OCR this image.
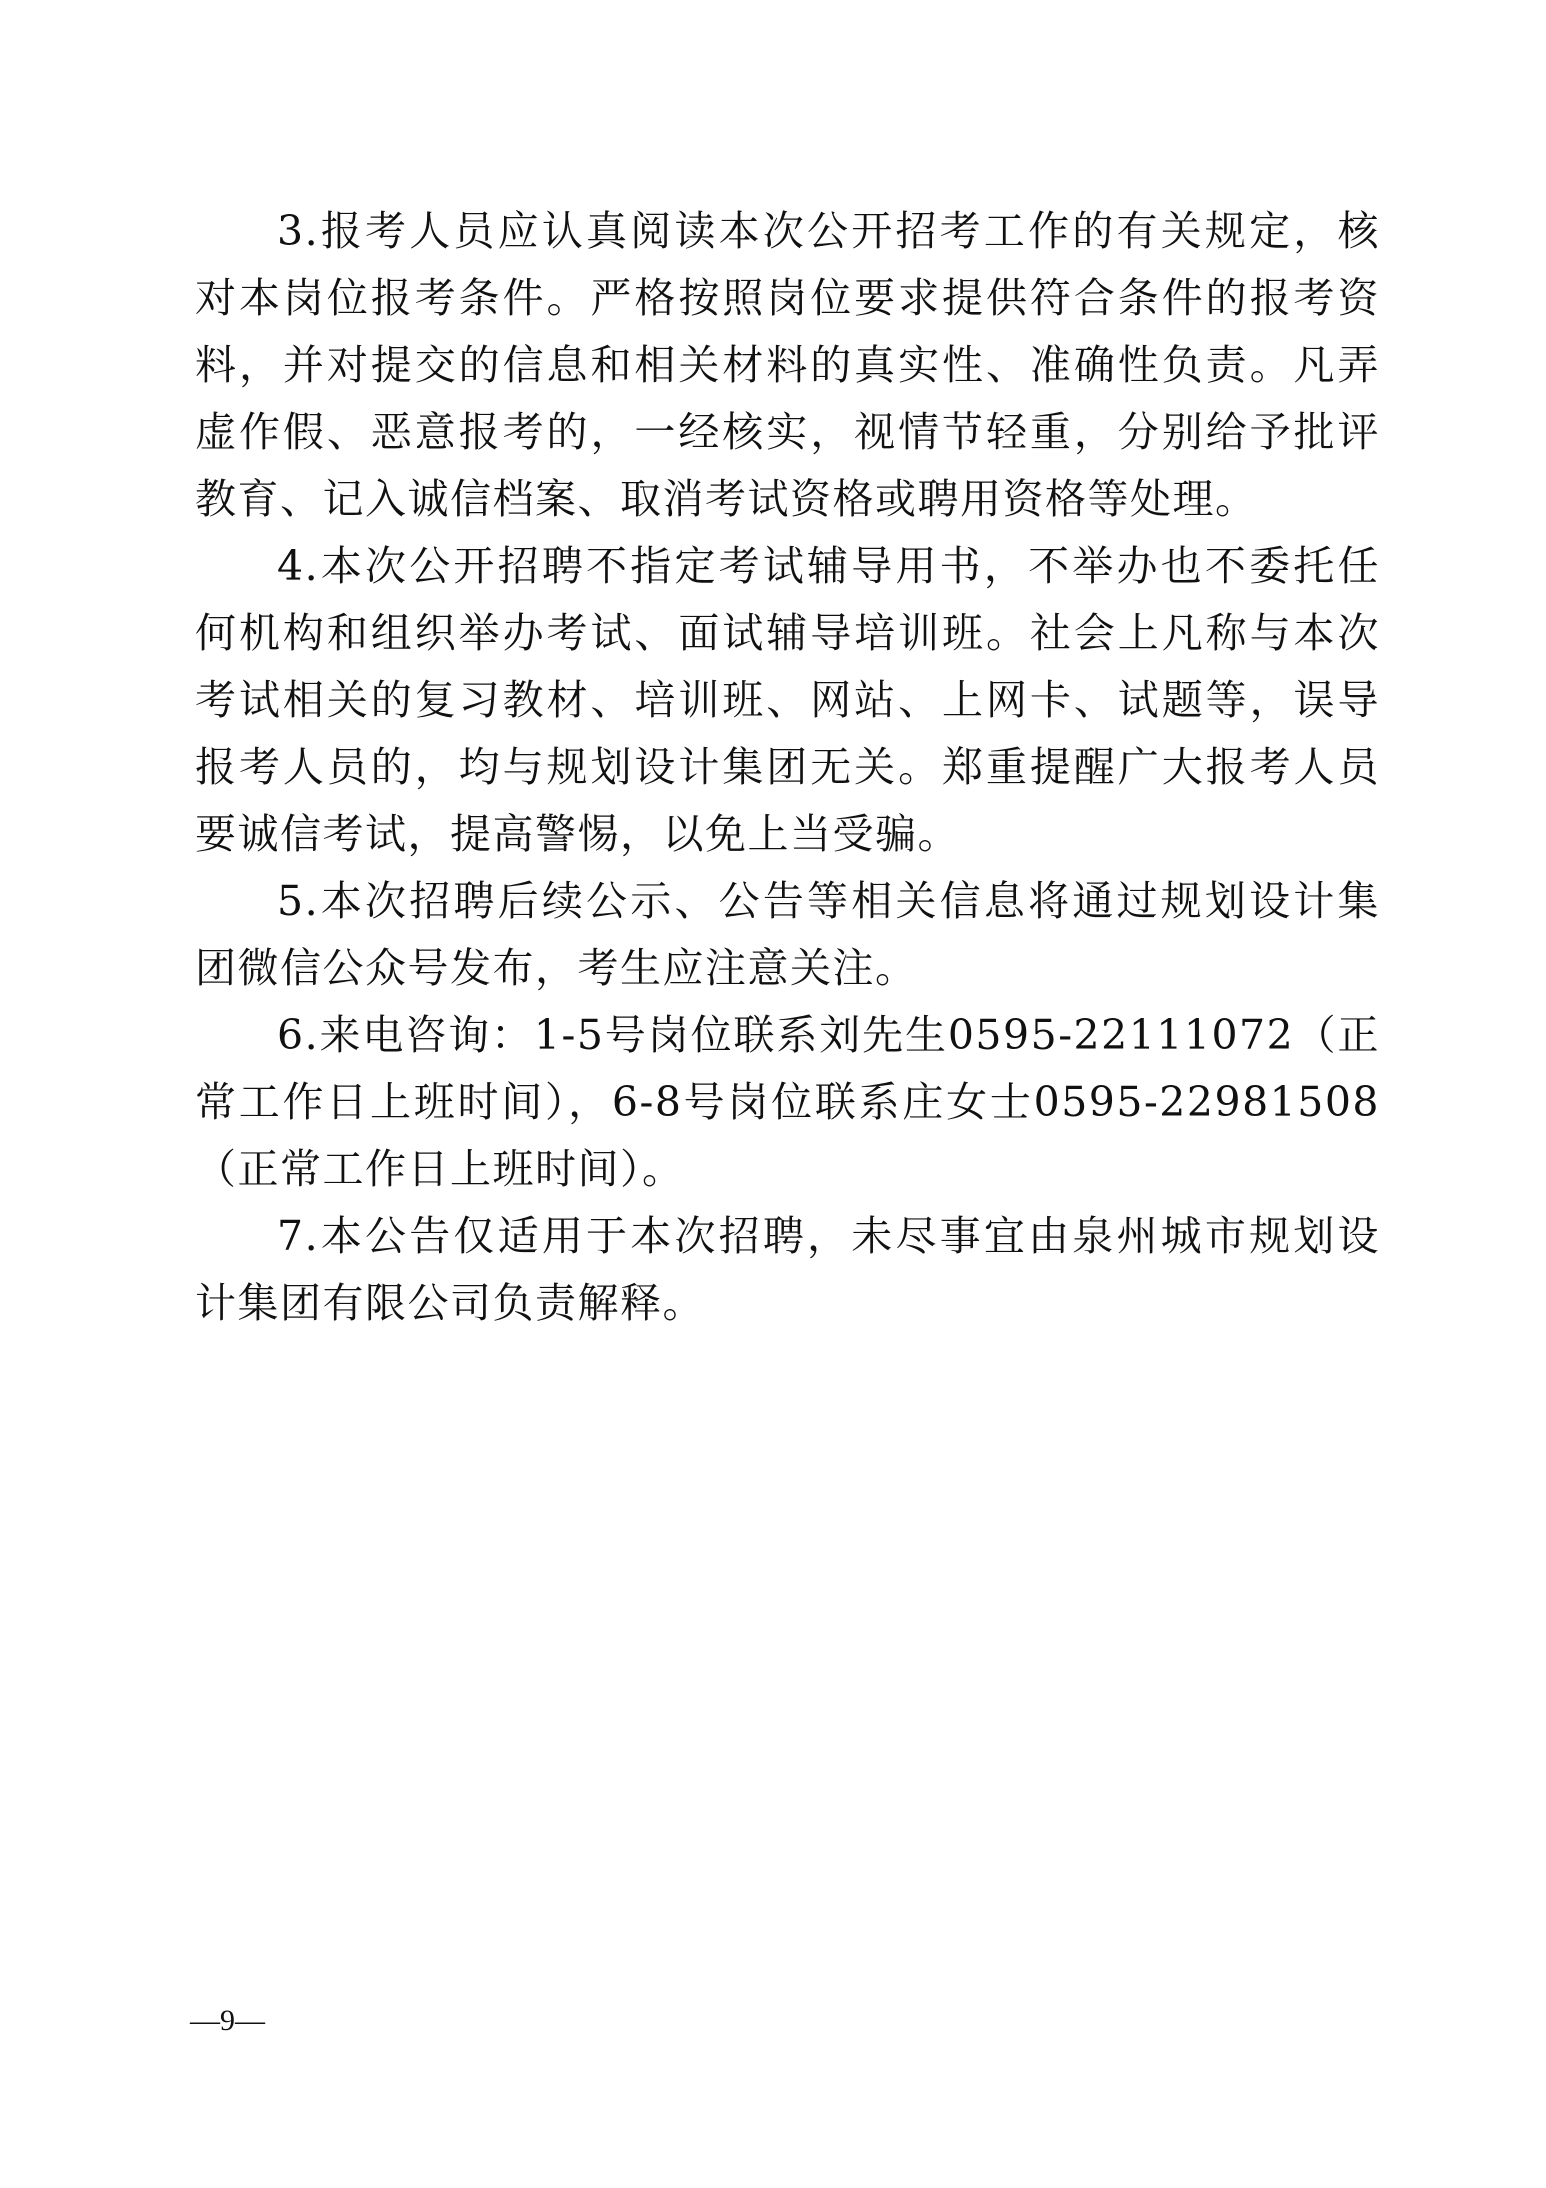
3.报考人员应认真阅读本次公开招考工作的有关规定，核对本岗位报考条件。严格按照岗位要求提供符合条件的报考资料，并对提交的信息和相关材料的真实性、准确性负责。凡弄虚作假、恶意报考的，一经核实，视情节轻重，分别给予批评教育、记入诚信档案、取消考试资格或聘用资格等处理。

4.本次公开招聘不指定考试辅导用书，不举办也不委托任何机构和组织举办考试、面试辅导培训班。社会上凡称与本次考试相关的复习教材、培训班、网站、上网卡、试题等，误导报考人员的，均与规划设计集团无关。郑重提醒广大报考人员要诚信考试，提高警惕，以免上当受骗。

5.本次招聘后续公示、公告等相关信息将通过规划设计集团微信公众号发布，考生应注意关注。

6.来电咨询：1-5号岗位联系刘先生0595-22111072（正常工作日上班时间），6-8号岗位联系庄女士0595-22981508（正常工作日上班时间）。

7.本公告仅适用于本次招聘，未尽事宜由泉州城市规划设计集团有限公司负责解释。

—9—
